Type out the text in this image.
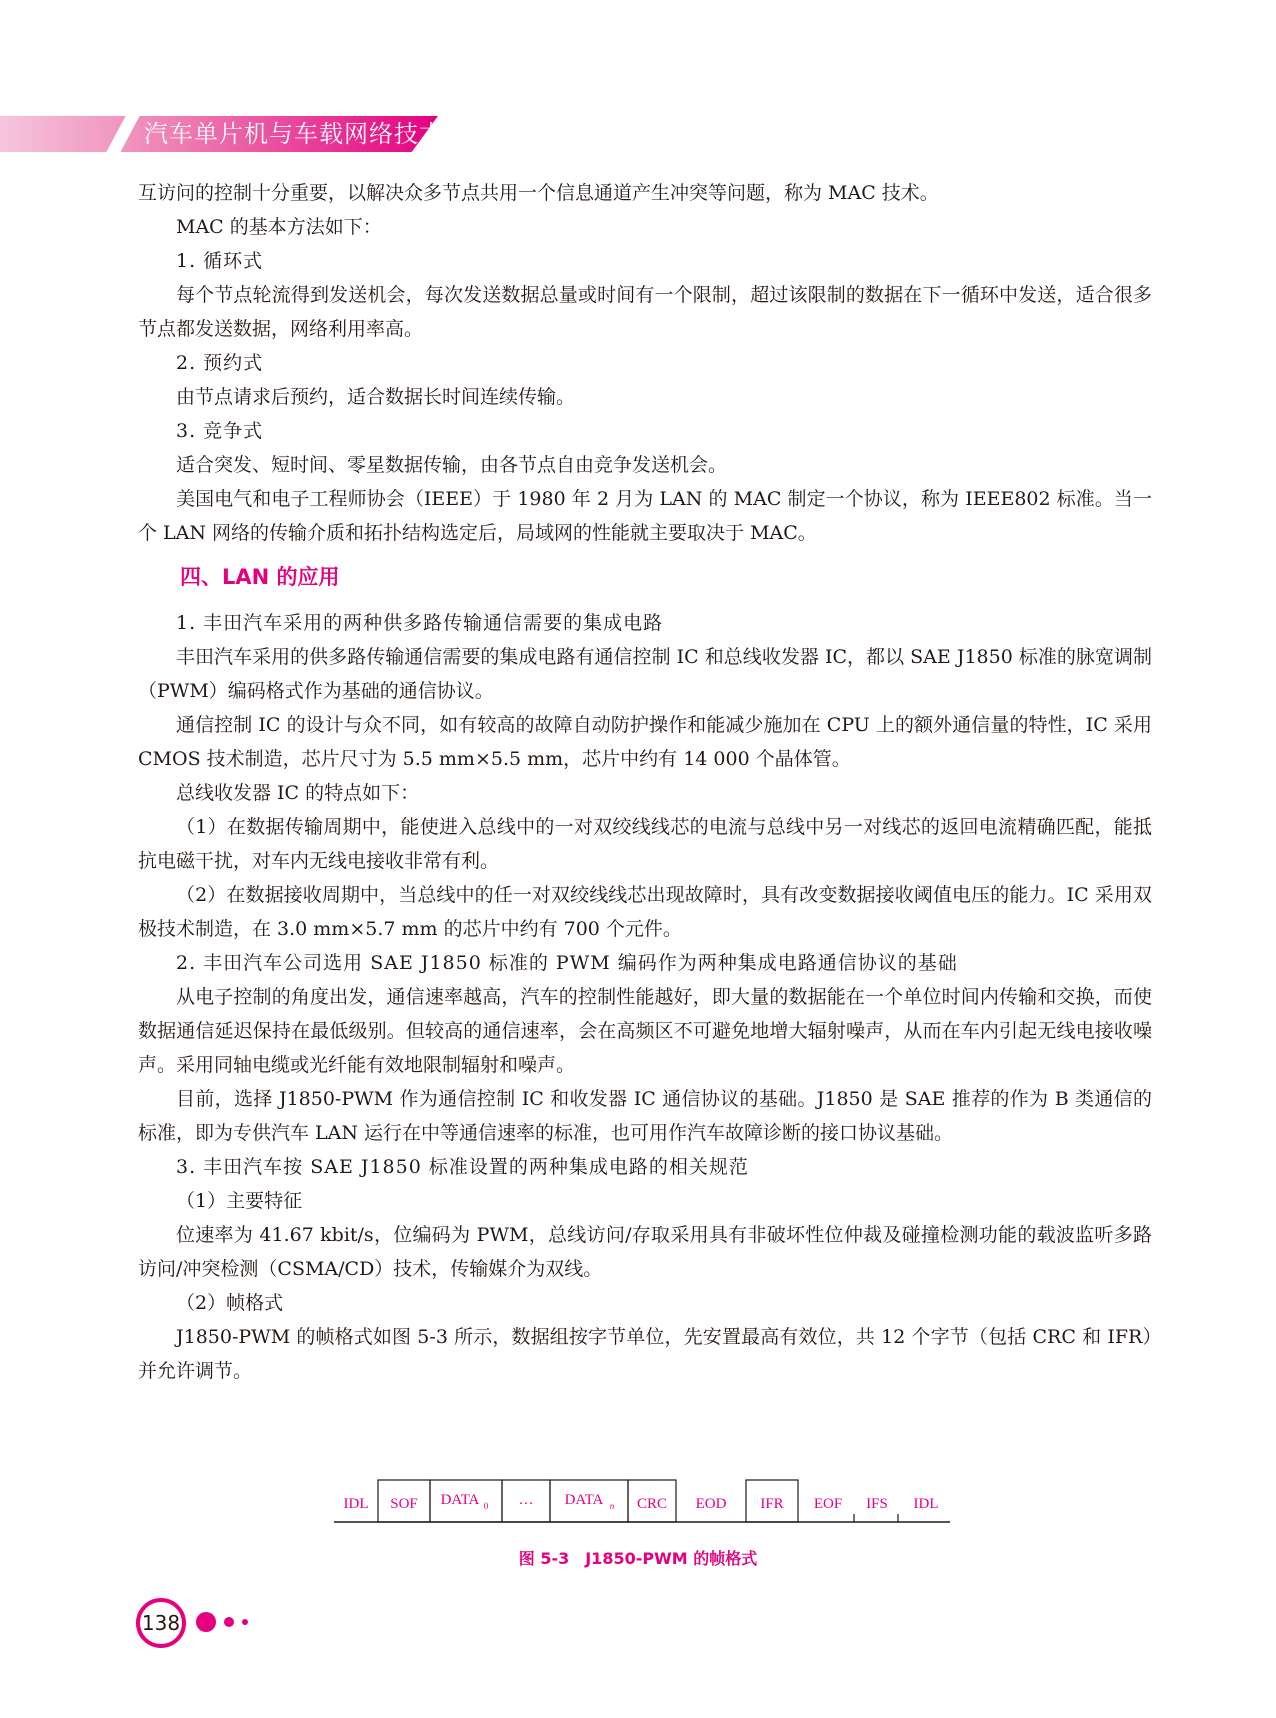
汽车单片机与车载网络技术

互访问的控制十分重要，以解决众多节点共用一个信息通道产生冲突等问题，称为 MAC 技术。

MAC 的基本方法如下：

1. 循环式

每个节点轮流得到发送机会，每次发送数据总量或时间有一个限制，超过该限制的数据在下一循环中发送，适合很多节点都发送数据，网络利用率高。

2. 预约式

由节点请求后预约，适合数据长时间连续传输。

3. 竞争式

适合突发、短时间、零星数据传输，由各节点自由竞争发送机会。

美国电气和电子工程师协会（IEEE）于 1980 年 2 月为 LAN 的 MAC 制定一个协议，称为 IEEE802 标准。当一个 LAN 网络的传输介质和拓扑结构选定后，局域网的性能就主要取决于 MAC。

四、LAN 的应用

1. 丰田汽车采用的两种供多路传输通信需要的集成电路

丰田汽车采用的供多路传输通信需要的集成电路有通信控制 IC 和总线收发器 IC，都以 SAE J1850 标准的脉宽调制（PWM）编码格式作为基础的通信协议。

通信控制 IC 的设计与众不同，如有较高的故障自动防护操作和能减少施加在 CPU 上的额外通信量的特性，IC 采用 CMOS 技术制造，芯片尺寸为 5.5 mm×5.5 mm，芯片中约有 14 000 个晶体管。

总线收发器 IC 的特点如下：

（1）在数据传输周期中，能使进入总线中的一对双绞线线芯的电流与总线中另一对线芯的返回电流精确匹配，能抵抗电磁干扰，对车内无线电接收非常有利。

（2）在数据接收周期中，当总线中的任一对双绞线线芯出现故障时，具有改变数据接收阈值电压的能力。IC 采用双极技术制造，在 3.0 mm×5.7 mm 的芯片中约有 700 个元件。

2. 丰田汽车公司选用 SAE J1850 标准的 PWM 编码作为两种集成电路通信协议的基础

从电子控制的角度出发，通信速率越高，汽车的控制性能越好，即大量的数据能在一个单位时间内传输和交换，而使数据通信延迟保持在最低级别。但较高的通信速率，会在高频区不可避免地增大辐射噪声，从而在车内引起无线电接收噪声。采用同轴电缆或光纤能有效地限制辐射和噪声。

目前，选择 J1850-PWM 作为通信控制 IC 和收发器 IC 通信协议的基础。J1850 是 SAE 推荐的作为 B 类通信的标准，即为专供汽车 LAN 运行在中等通信速率的标准，也可用作汽车故障诊断的接口协议基础。

3. 丰田汽车按 SAE J1850 标准设置的两种集成电路的相关规范

（1）主要特征

位速率为 41.67 kbit/s，位编码为 PWM，总线访问/存取采用具有非破坏性位仲裁及碰撞检测功能的载波监听多路访问/冲突检测（CSMA/CD）技术，传输媒介为双线。

（2）帧格式

J1850-PWM 的帧格式如图 5-3 所示，数据组按字节单位，先安置最高有效位，共 12 个字节（包括 CRC 和 IFR）并允许调节。

IDL SOF DATA 0 … DATA n CRC EOD IFR EOF IFS IDL
图 5-3　J1850-PWM 的帧格式
138
